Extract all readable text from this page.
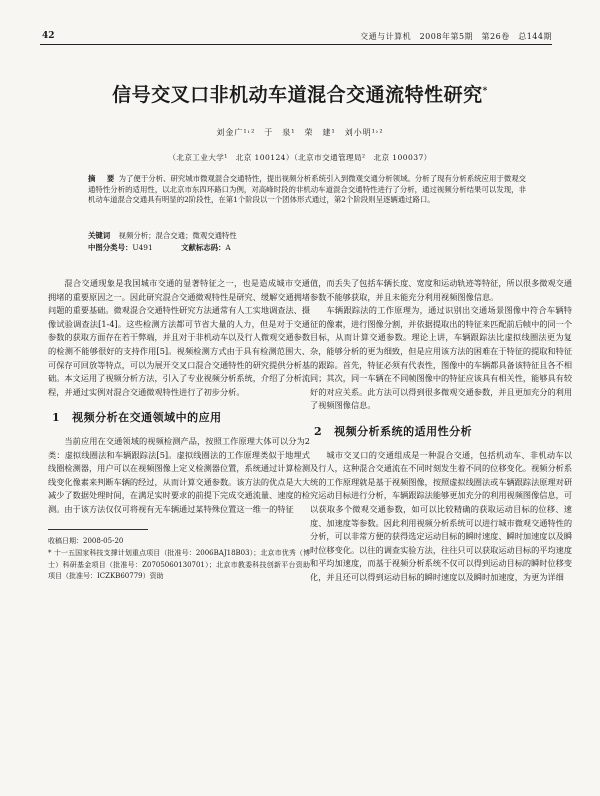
42	交通与计算机　2008年第5期　第26卷　总144期
信号交叉口非机动车道混合交通流特性研究*
刘金广¹˒²　于　泉¹　荣　建¹　刘小明¹˒²
（北京工业大学¹　北京 100124）（北京市交通管理局²　北京 100037）
摘　要 为了便于分析、研究城市微观混合交通特性，提出视频分析系统引入到微观交通分析领域。分析了现有分析系统应用于微观交通特性分析的适用性，以北京市东四环路口为例，对高峰时段的非机动车道混合交通特性进行了分析，通过视频分析结果可以发现，非机动车道混合交通具有明显的2阶段性，在第1个阶段以一个团体形式通过，第2个阶段则呈逐辆通过路口。
关键词 视频分析；混合交通；微观交通特性
中图分类号：U491	文献标志码：A

混合交通现象是我国城市交通的显著特征之一，也是造成城市交通拥堵的重要原因之一。因此研究混合交通微观特性是研究、缓解交通拥堵问题的重要基础。微观混合交通特性研究方法通常有人工实地调查法、摄像试验调查法[1-4]。这些检测方法都可节省大量的人力，但是对于交通参数的获取方面存在若干弊端，并且对于非机动车以及行人微观交通参数的检测不能够很好的支持作用[5]。视频检测方式由于具有检测范围大、可保存可回放等特点，可以为展开交叉口混合交通特性的研究提供分析基础。本文运用了视频分析方法，引入了专业视频分析系统，介绍了分析流程，并通过实例对混合交通微观特性进行了初步分析。

1 视频分析在交通领域中的应用

当前应用在交通领域的视频检测产品，按照工作原理大体可以分为2类：虚拟线圈法和车辆跟踪法[5]。虚拟线圈法的工作原理类似于地埋式线圈检测器，用户可以在视频图像上定义检测器位置，系统通过计算检测线变化像素来判断车辆的经过，从而计算交通参数。该方法的优点是大大减少了数据处理时间，在满足实时要求的前提下完成交通流量、速度的检测。由于该方法仅仅可将视有无车辆通过某特殊位置这一维一的特征

收稿日期：2008-05-20

* 十一五国家科技支撑计划重点项目（批准号：2006BAJ18B03）；北京市优秀（博士）科研基金项目（批准号：Z0705060130701）；北京市教委科技创新平台资助项目（批准号：ICZKB60779）资助

值，而丢失了包括车辆长度、宽度和运动轨迹等特征，所以很多微观交通参数不能够获取，并且未能充分利用视频图像信息。

车辆跟踪法的工作原理为，通过识别出交通场景图像中符合车辆特征的像素，进行图像分割，并依据提取出的特征来匹配前后帧中的同一个目标，从而计算交通参数。理论上讲，车辆跟踪法比虚拟线圈法更为复杂，能够分析的更为细致，但是应用该方法的困难在于特征的提取和特征的跟踪。首先，特征必须有代表性，图像中的车辆都具备该特征且各不相同；其次，同一车辆在不同帧图像中的特征应该具有相关性，能够具有较好的对应关系。此方法可以得到很多微观交通参数，并且更加充分的利用了视频图像信息。

2 视频分析系统的适用性分析

城市交叉口的交通组成是一种混合交通，包括机动车、非机动车以及行人，这种混合交通流在不同时刻发生着不同的位移变化。视频分析系统的工作原理就是基于视频图像，按照虚拟线圈法或车辆跟踪法原理对研究运动目标进行分析，车辆跟踪法能够更加充分的利用视频图像信息，可以获取多个微观交通参数，如可以比较精确的获取运动目标的位移、速度、加速度等参数。因此利用视频分析系统可以进行城市微观交通特性的分析，可以非常方便的获得选定运动目标的瞬时速度、瞬时加速度以及瞬时位移变化。以往的调查实验方法，往往只可以获取运动目标的平均速度和平均加速度，而基于视频分析系统不仅可以得到运动目标的瞬时位移变化，并且还可以得到运动目标的瞬时速度以及瞬时加速度，为更为详细
